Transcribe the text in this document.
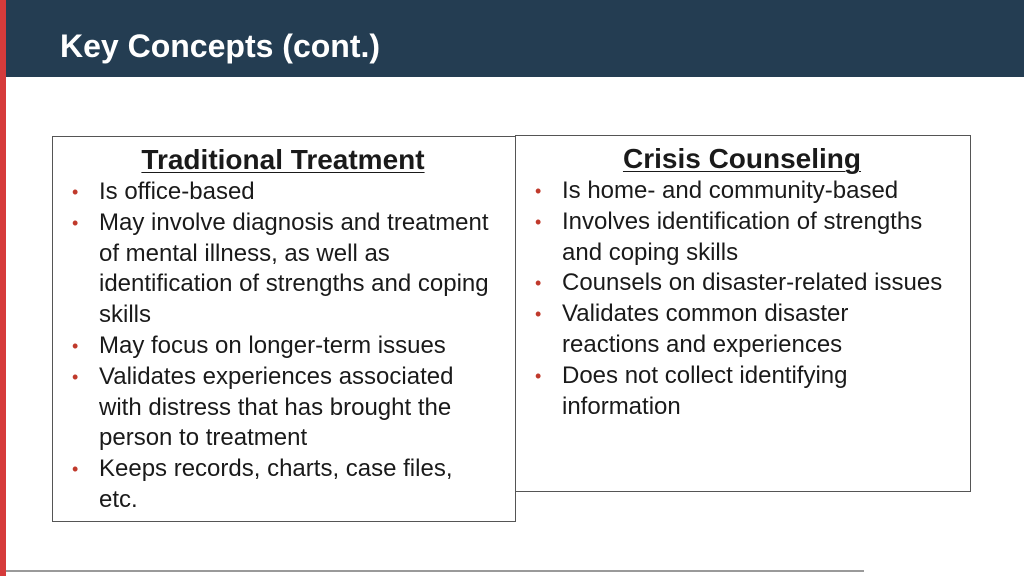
Key Concepts (cont.)
Traditional Treatment
• Is office-based
• May involve diagnosis and treatment of mental illness, as well as identification of strengths and coping skills
• May focus on longer-term issues
• Validates experiences associated with distress that has brought the person to treatment
• Keeps records, charts, case files, etc.
Crisis Counseling
• Is home- and community-based
• Involves identification of strengths and coping skills
• Counsels on disaster-related issues
• Validates common disaster reactions and experiences
• Does not collect identifying information
